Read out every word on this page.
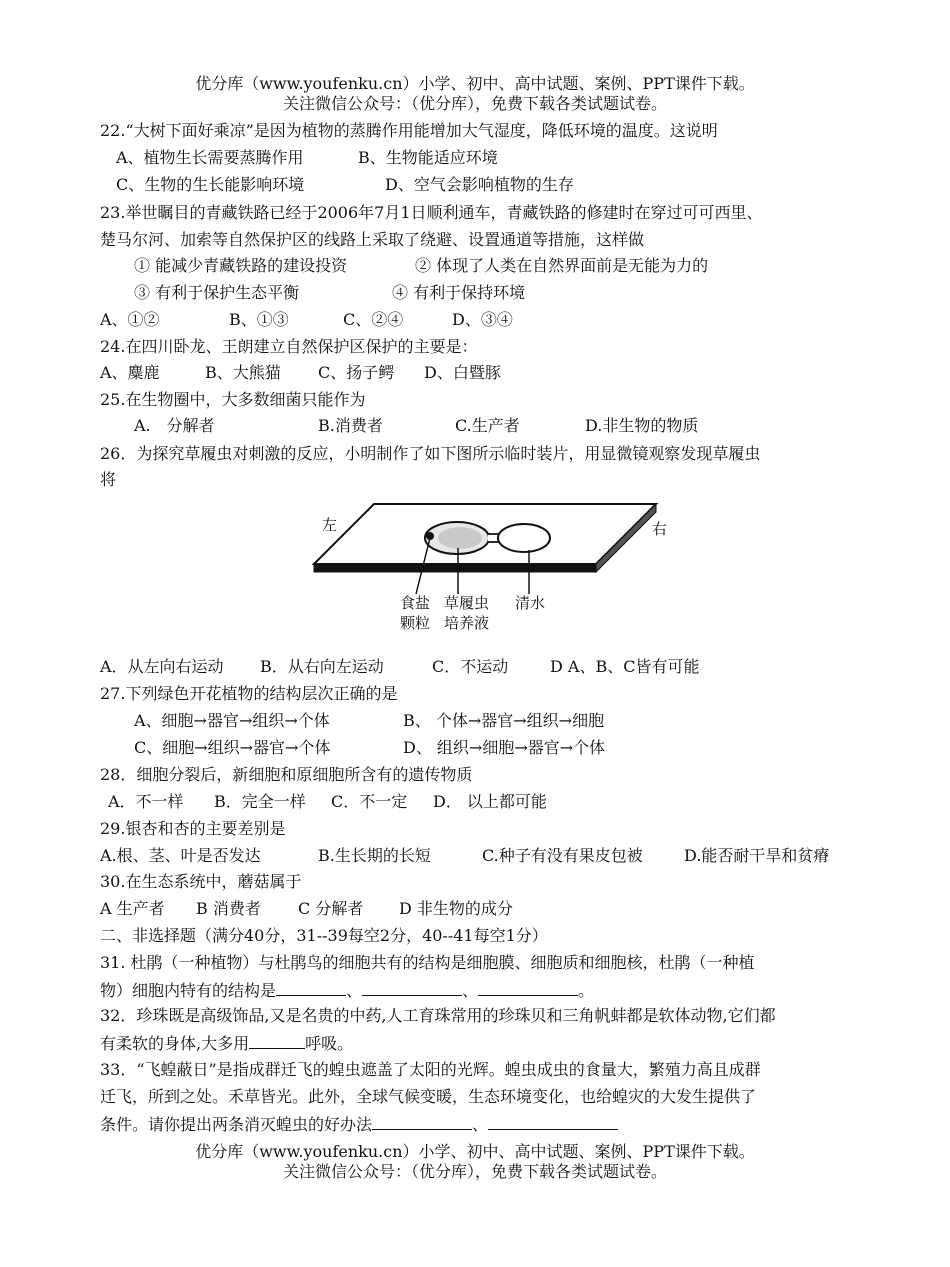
优分库（www.youfenku.cn）小学、初中、高中试题、案例、PPT课件下载。
关注微信公众号：（优分库），免费下载各类试题试卷。
22.“大树下面好乘凉”是因为植物的蒸腾作用能增加大气湿度，降低环境的温度。这说明
A、植物生长需要蒸腾作用	B、生物能适应环境
C、生物的生长能影响环境	D、空气会影响植物的生存
23.举世瞩目的青藏铁路已经于2006年7月1日顺利通车，青藏铁路的修建时在穿过可可西里、
楚马尔河、加索等自然保护区的线路上采取了绕避、设置通道等措施，这样做
① 能减少青藏铁路的建设投资	② 体现了人类在自然界面前是无能为力的
③ 有利于保护生态平衡	④ 有利于保持环境
A、①②	B、①③	C、②④	D、③④
24.在四川卧龙、王朗建立自然保护区保护的主要是：
A、麋鹿	B、大熊猫 C、扬子鳄 D、白暨豚
25.在生物圈中，大多数细菌只能作为
A.　分解者	B.消费者	C.生产者	D.非生物的物质
26．为探究草履虫对刺激的反应，小明制作了如下图所示临时装片，用显微镜观察发现草履虫
将
左	右
食盐
颗粒
草履虫
培养液
清水
A．从左向右运动 B．从右向左运动	C．不运动	D A、B、C皆有可能
27.下列绿色开花植物的结构层次正确的是
A、细胞→器官→组织→个体	B、 个体→器官→组织→细胞
C、细胞→组织→器官→个体	D、 组织→细胞→器官→个体
28．细胞分裂后，新细胞和原细胞所含有的遗传物质
A．不一样 B．完全一样 C．不一定 D． 以上都可能
29.银杏和杏的主要差别是
A.根、茎、叶是否发达	B.生长期的长短	C.种子有没有果皮包被	D.能否耐干旱和贫瘠
30.在生态系统中，蘑菇属于
A 生产者 B 消费者 C 分解者 D 非生物的成分
二、非选择题（满分40分，31--39每空2分，40--41每空1分）
31. 杜鹃（一种植物）与杜鹃鸟的细胞共有的结构是细胞膜、细胞质和细胞核，杜鹃（一种植
物）细胞内特有的结构是	、	、	。
32．珍珠既是高级饰品,又是名贵的中药,人工育珠常用的珍珠贝和三角帆蚌都是软体动物,它们都
有柔软的身体,大多用	呼吸。
33．“飞蝗蔽日”是指成群迁飞的蝗虫遮盖了太阳的光辉。蝗虫成虫的食量大，繁殖力高且成群
迁飞，所到之处。禾草皆光。此外，全球气候变暖，生态环境变化，也给蝗灾的大发生提供了
条件。请你提出两条消灭蝗虫的好办法	、
优分库（www.youfenku.cn）小学、初中、高中试题、案例、PPT课件下载。
关注微信公众号：（优分库），免费下载各类试题试卷。
